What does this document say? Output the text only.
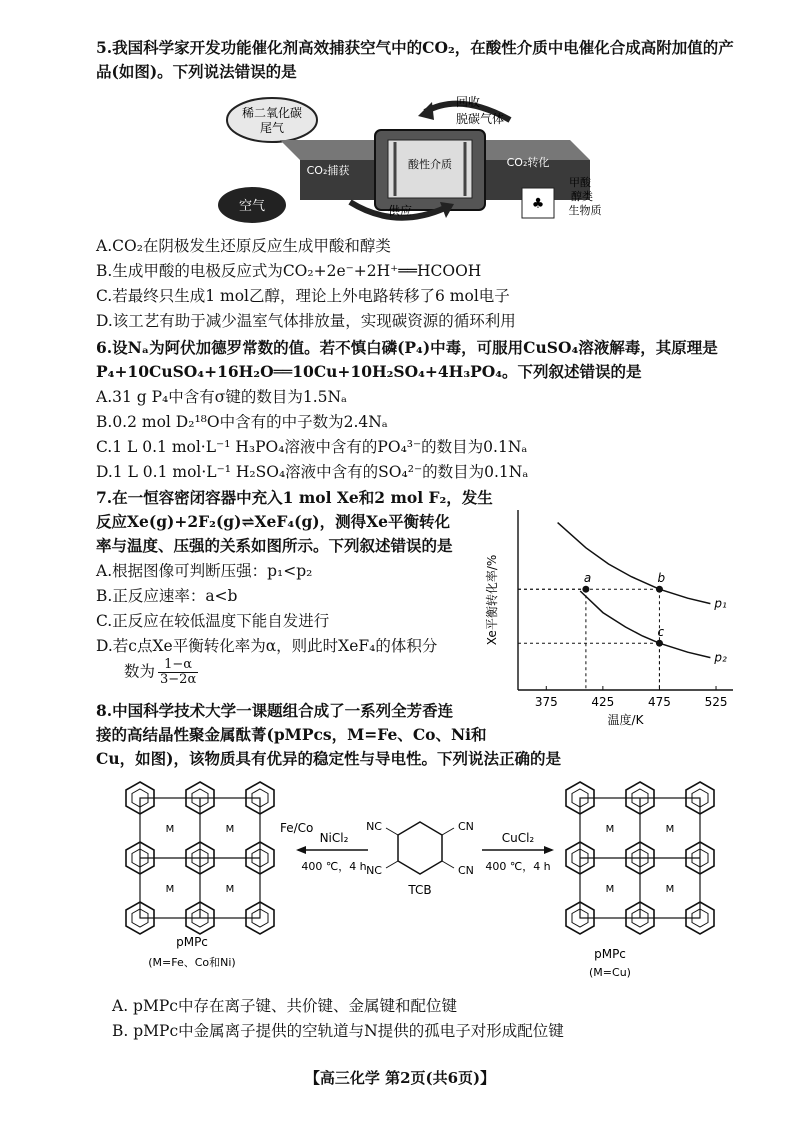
5.我国科学家开发功能催化剂高效捕获空气中的CO₂，在酸性介质中电催化合成高附加值的产
品(如图)。下列说法错误的是
稀二氧化碳
尾气
酸性介质
CO₂捕获
CO₂转化
回收
脱碳气体
供应
空气	♣
甲酸
醇类
生物质
A.CO₂在阴极发生还原反应生成甲酸和醇类
B.生成甲酸的电极反应式为CO₂+2e⁻+2H⁺══HCOOH
C.若最终只生成1 mol乙醇，理论上外电路转移了6 mol电子
D.该工艺有助于减少温室气体排放量，实现碳资源的循环利用
6.设Nₐ为阿伏加德罗常数的值。若不慎白磷(P₄)中毒，可服用CuSO₄溶液解毒，其原理是
P₄+10CuSO₄+16H₂O══10Cu+10H₂SO₄+4H₃PO₄。下列叙述错误的是
A.31 g P₄中含有σ键的数目为1.5Nₐ
B.0.2 mol D₂¹⁸O中含有的中子数为2.4Nₐ
C.1 L 0.1 mol·L⁻¹ H₃PO₄溶液中含有的PO₄³⁻的数目为0.1Nₐ
D.1 L 0.1 mol·L⁻¹ H₂SO₄溶液中含有的SO₄²⁻的数目为0.1Nₐ
7.在一恒容密闭容器中充入1 mol Xe和2 mol F₂，发生
反应Xe(g)+2F₂(g)⇌XeF₄(g)，测得Xe平衡转化
率与温度、压强的关系如图所示。下列叙述错误的是
A.根据图像可判断压强：p₁<p₂
B.正反应速率：a<b
C.正反应在较低温度下能自发进行
D.若c点Xe平衡转化率为α，则此时XeF₄的体积分
数为 $\frac{1-\alpha}{3-2\alpha}$
375	425	475	525
温度/K
Xe平衡转化率/%	p₁
p₂
a	b
c
8.中国科学技术大学一课题组合成了一系列全芳香连
接的高结晶性聚金属酞菁(pMPcs，M=Fe、Co、Ni和
Cu，如图)，该物质具有优异的稳定性与导电性。下列说法正确的是
M	M
M	M
Fe/Co
pMPc
(M=Fe、Co和Ni)
NiCl₂
400 ℃，4 h
NC
NC
CN
CN
TCB
CuCl₂
400 ℃，4 h
M	M
M	M
pMPc
(M=Cu)
A. pMPc中存在离子键、共价键、金属键和配位键
B. pMPc中金属离子提供的空轨道与N提供的孤电子对形成配位键
【高三化学 第2页(共6页)】
